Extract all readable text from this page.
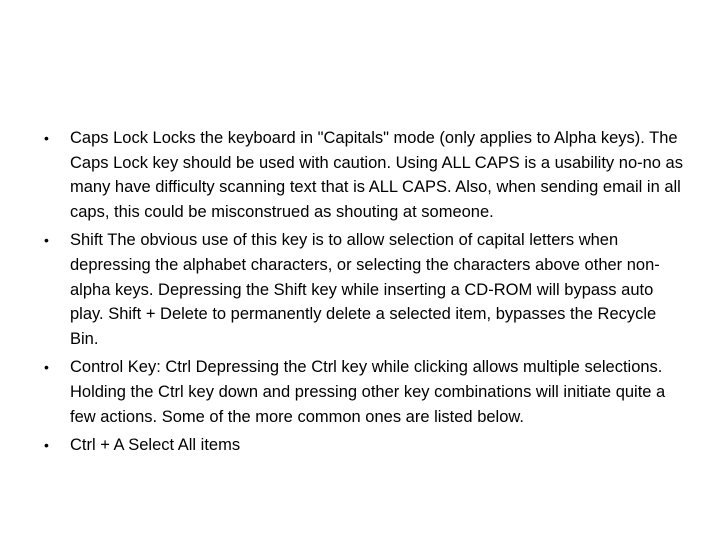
• Caps Lock Locks the keyboard in "Capitals" mode (only applies to Alpha keys). The Caps Lock key should be used with caution. Using ALL CAPS is a usability no-no as many have difficulty scanning text that is ALL CAPS. Also, when sending email in all caps, this could be misconstrued as shouting at someone.
• Shift The obvious use of this key is to allow selection of capital letters when depressing the alphabet characters, or selecting the characters above other non-alpha keys. Depressing the Shift key while inserting a CD-ROM will bypass auto play. Shift + Delete to permanently delete a selected item, bypasses the Recycle Bin.
• Control Key: Ctrl Depressing the Ctrl key while clicking allows multiple selections. Holding the Ctrl key down and pressing other key combinations will initiate quite a few actions. Some of the more common ones are listed below.
• Ctrl + A Select All items
